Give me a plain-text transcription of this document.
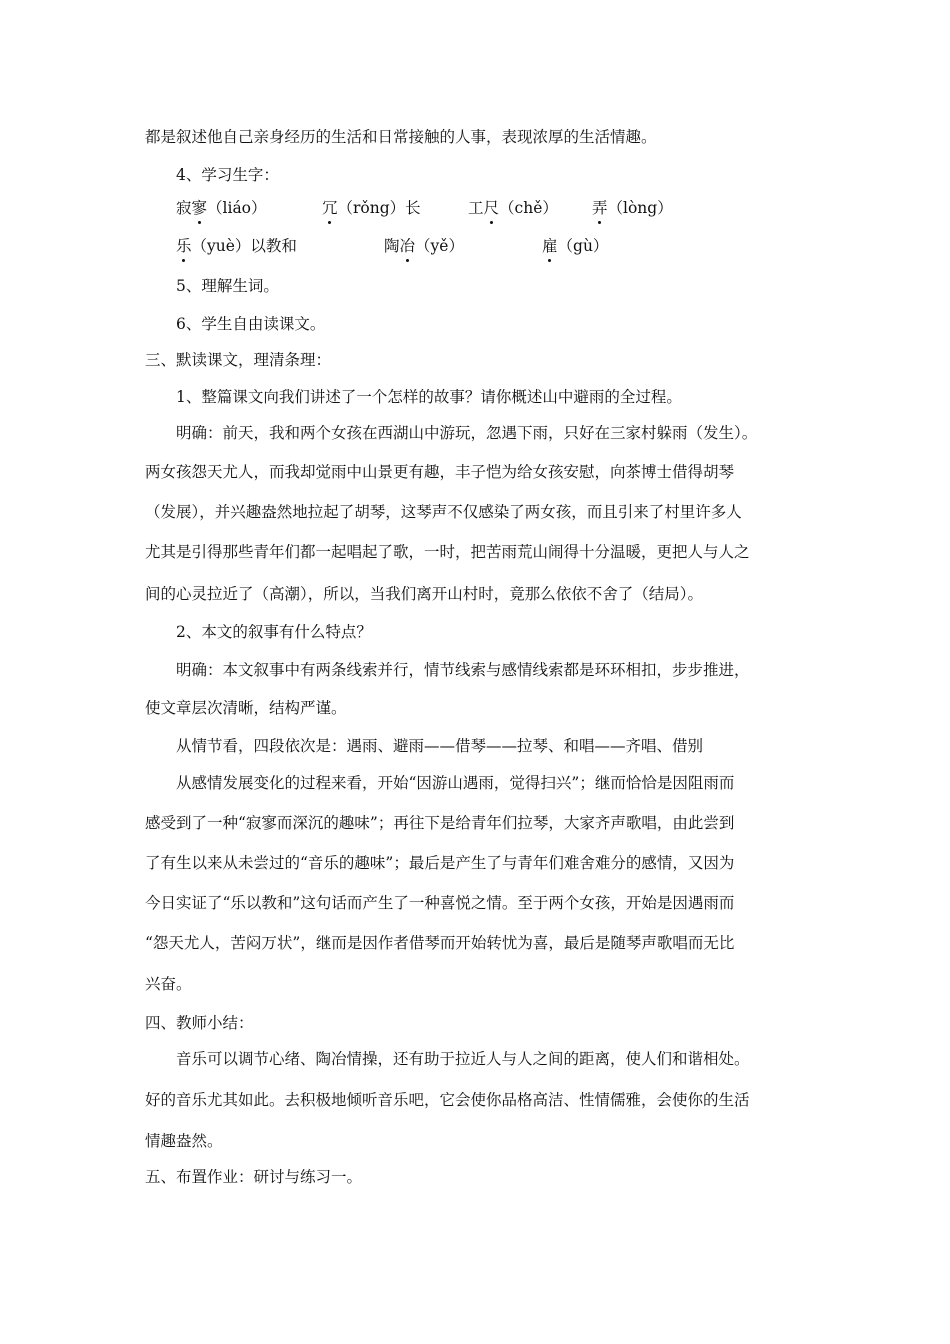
都是叙述他自己亲身经历的生活和日常接触的人事，表现浓厚的生活情趣。
4、学习生字：
寂寥（liáo）	冗（rǒng）长	工尺（chě） 弄（lòng）
乐（yuè）以教和	陶冶（yě）	雇（gù）
5、理解生词。
6、学生自由读课文。
三、默读课文，理清条理：
1、整篇课文向我们讲述了一个怎样的故事？请你概述山中避雨的全过程。
明确：前天，我和两个女孩在西湖山中游玩，忽遇下雨，只好在三家村躲雨（发生）。
两女孩怨天尤人，而我却觉雨中山景更有趣，丰子恺为给女孩安慰，向茶博士借得胡琴
（发展），并兴趣盎然地拉起了胡琴，这琴声不仅感染了两女孩，而且引来了村里许多人
尤其是引得那些青年们都一起唱起了歌，一时，把苦雨荒山闹得十分温暖，更把人与人之
间的心灵拉近了（高潮），所以，当我们离开山村时，竟那么依依不舍了（结局）。
2、本文的叙事有什么特点？
明确：本文叙事中有两条线索并行，情节线索与感情线索都是环环相扣，步步推进，
使文章层次清晰，结构严谨。
从情节看，四段依次是：遇雨、避雨——借琴——拉琴、和唱——齐唱、借别
从感情发展变化的过程来看，开始“因游山遇雨，觉得扫兴”；继而恰恰是因阻雨而
感受到了一种“寂寥而深沉的趣味”；再往下是给青年们拉琴，大家齐声歌唱，由此尝到
了有生以来从未尝过的“音乐的趣味”；最后是产生了与青年们难舍难分的感情，又因为
今日实证了“乐以教和”这句话而产生了一种喜悦之情。至于两个女孩，开始是因遇雨而
“怨天尤人，苦闷万状”，继而是因作者借琴而开始转忧为喜，最后是随琴声歌唱而无比
兴奋。
四、教师小结：
音乐可以调节心绪、陶冶情操，还有助于拉近人与人之间的距离，使人们和谐相处。
好的音乐尤其如此。去积极地倾听音乐吧，它会使你品格高洁、性情儒雅，会使你的生活
情趣盎然。
五、布置作业：研讨与练习一。
